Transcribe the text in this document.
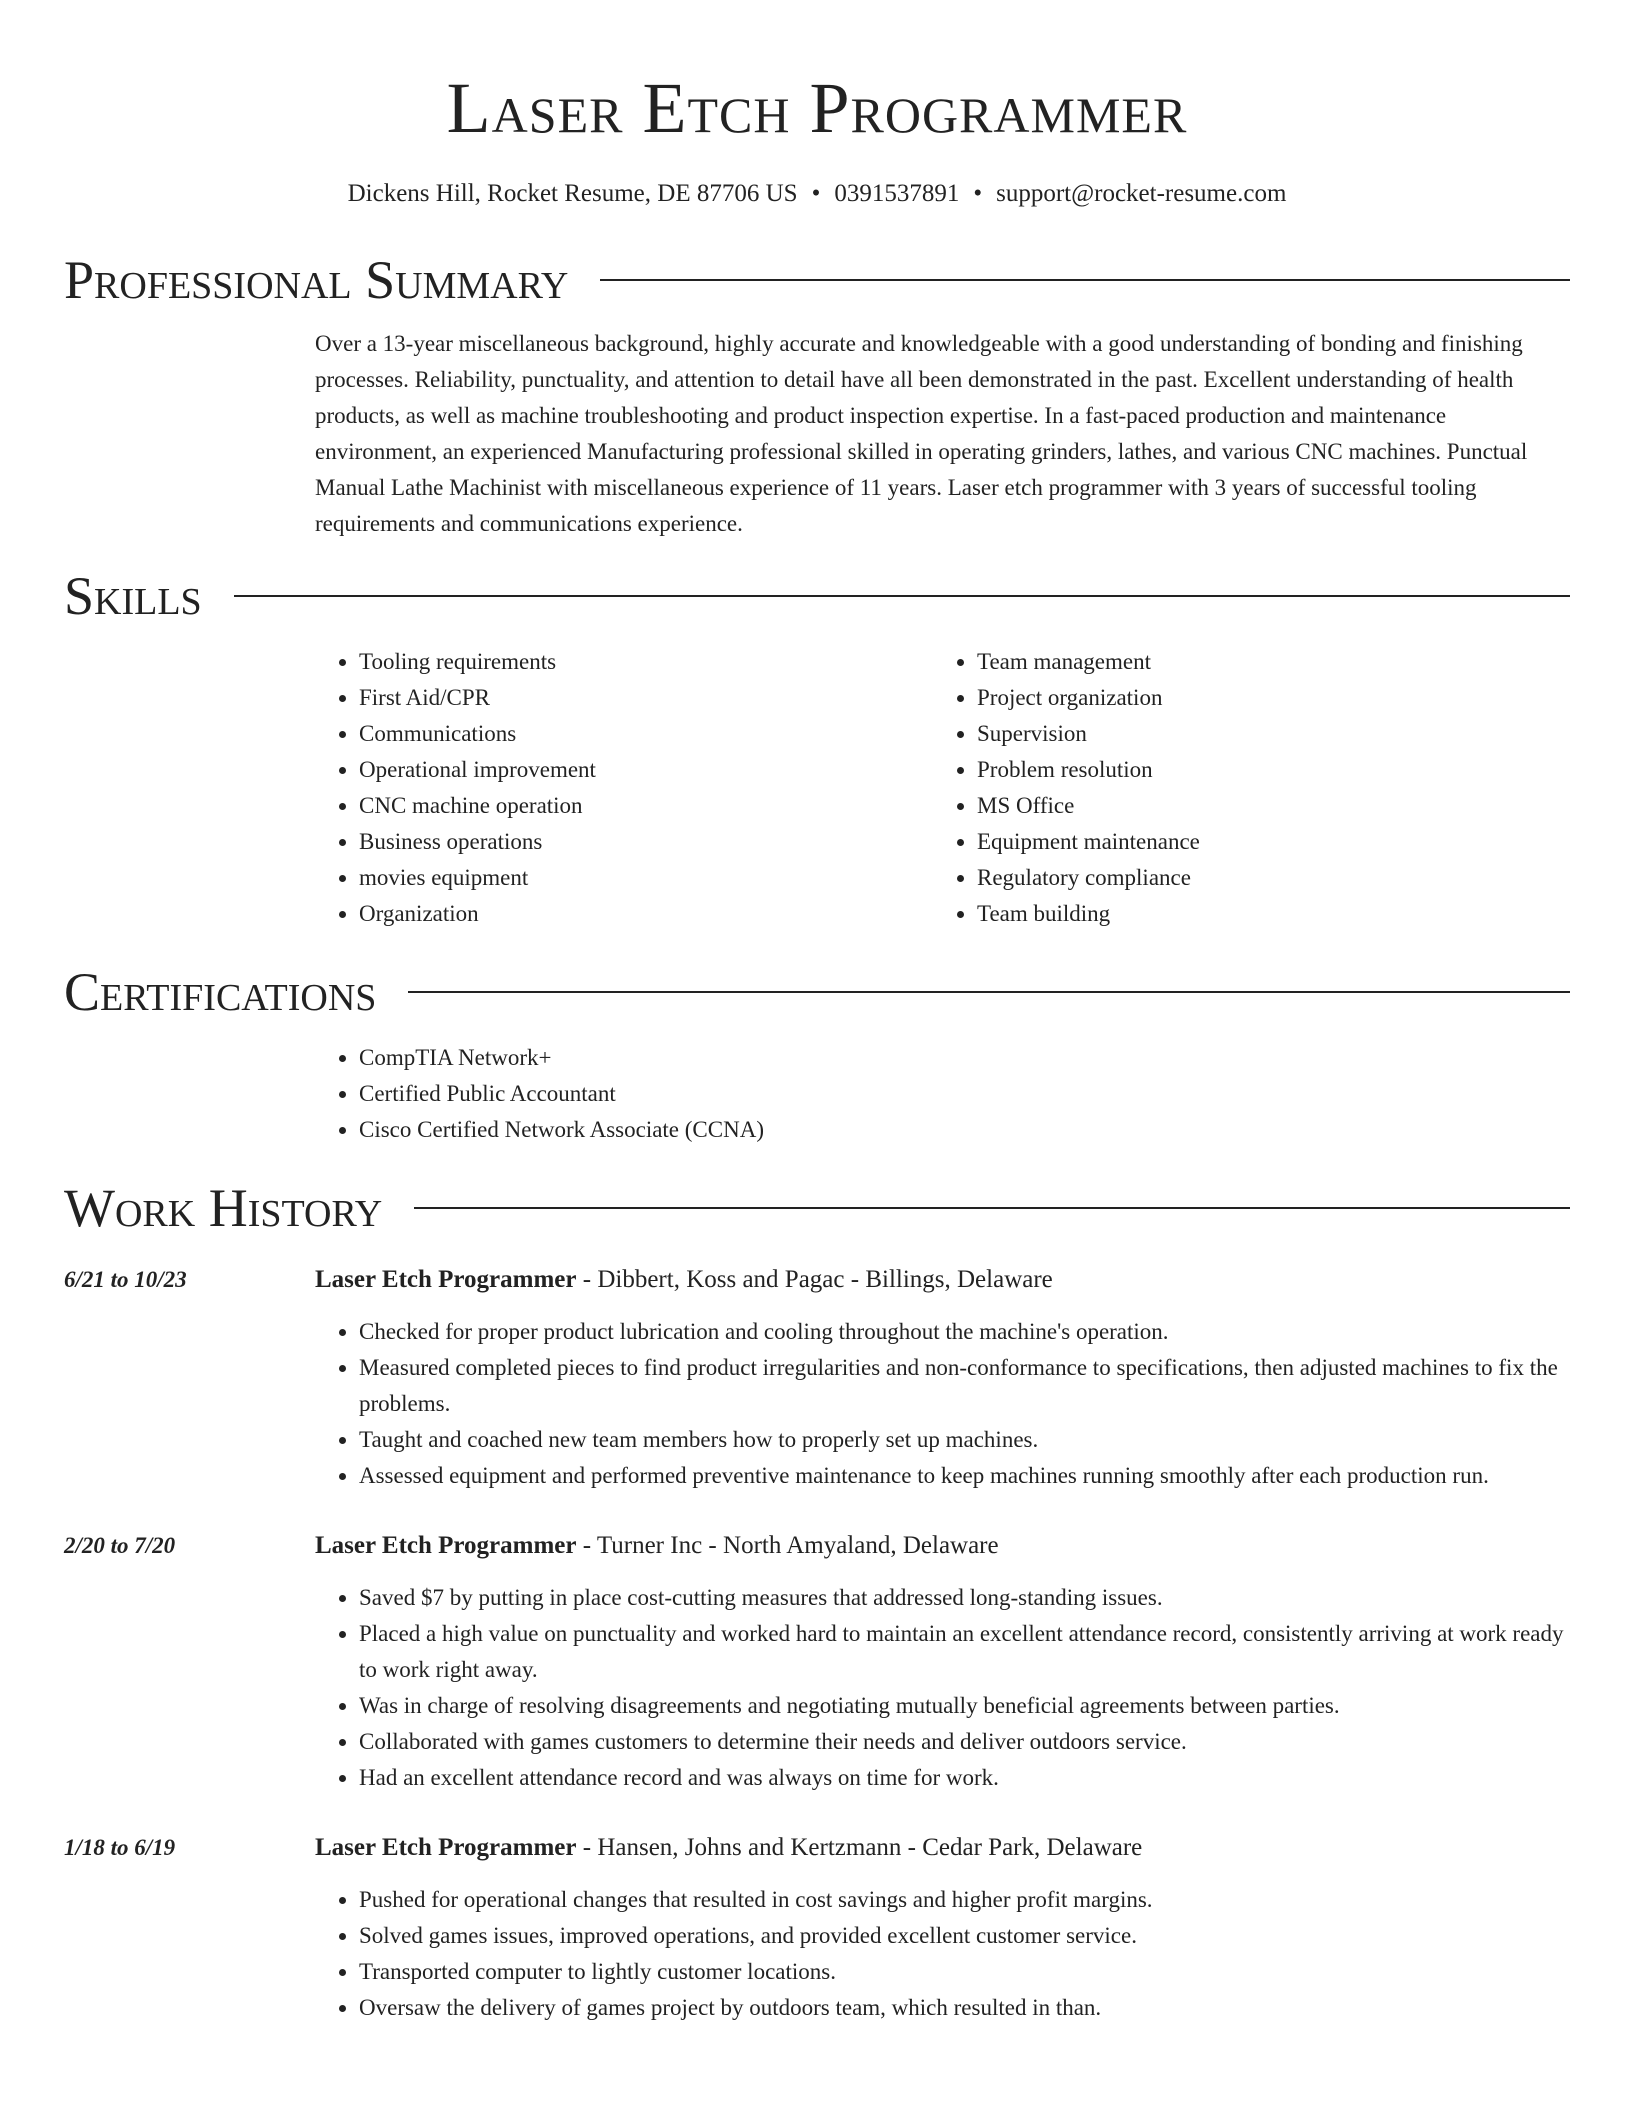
Laser Etch Programmer
Dickens Hill, Rocket Resume, DE 87706 US • 0391537891 • support@rocket-resume.com
Professional Summary

Over a 13-year miscellaneous background, highly accurate and knowledgeable with a good understanding of bonding and finishing processes. Reliability, punctuality, and attention to detail have all been demonstrated in the past. Excellent understanding of health products, as well as machine troubleshooting and product inspection expertise. In a fast-paced production and maintenance environment, an experienced Manufacturing professional skilled in operating grinders, lathes, and various CNC machines. Punctual Manual Lathe Machinist with miscellaneous experience of 11 years. Laser etch programmer with 3 years of successful tooling requirements and communications experience.

Skills
• Tooling requirements
• First Aid/CPR
• Communications
• Operational improvement
• CNC machine operation
• Business operations
• movies equipment
• Organization
• Team management
• Project organization
• Supervision
• Problem resolution
• MS Office
• Equipment maintenance
• Regulatory compliance
• Team building
Certifications
• CompTIA Network+
• Certified Public Accountant
• Cisco Certified Network Associate (CCNA)
Work History
6/21 to 10/23	Laser Etch Programmer - Dibbert, Koss and Pagac - Billings, Delaware
• Checked for proper product lubrication and cooling throughout the machine's operation.
• Measured completed pieces to find product irregularities and non-conformance to specifications, then adjusted machines to fix the problems.
• Taught and coached new team members how to properly set up machines.
• Assessed equipment and performed preventive maintenance to keep machines running smoothly after each production run.
2/20 to 7/20	Laser Etch Programmer - Turner Inc - North Amyaland, Delaware
• Saved $7 by putting in place cost-cutting measures that addressed long-standing issues.
• Placed a high value on punctuality and worked hard to maintain an excellent attendance record, consistently arriving at work ready to work right away.
• Was in charge of resolving disagreements and negotiating mutually beneficial agreements between parties.
• Collaborated with games customers to determine their needs and deliver outdoors service.
• Had an excellent attendance record and was always on time for work.
1/18 to 6/19	Laser Etch Programmer - Hansen, Johns and Kertzmann - Cedar Park, Delaware
• Pushed for operational changes that resulted in cost savings and higher profit margins.
• Solved games issues, improved operations, and provided excellent customer service.
• Transported computer to lightly customer locations.
• Oversaw the delivery of games project by outdoors team, which resulted in than.
